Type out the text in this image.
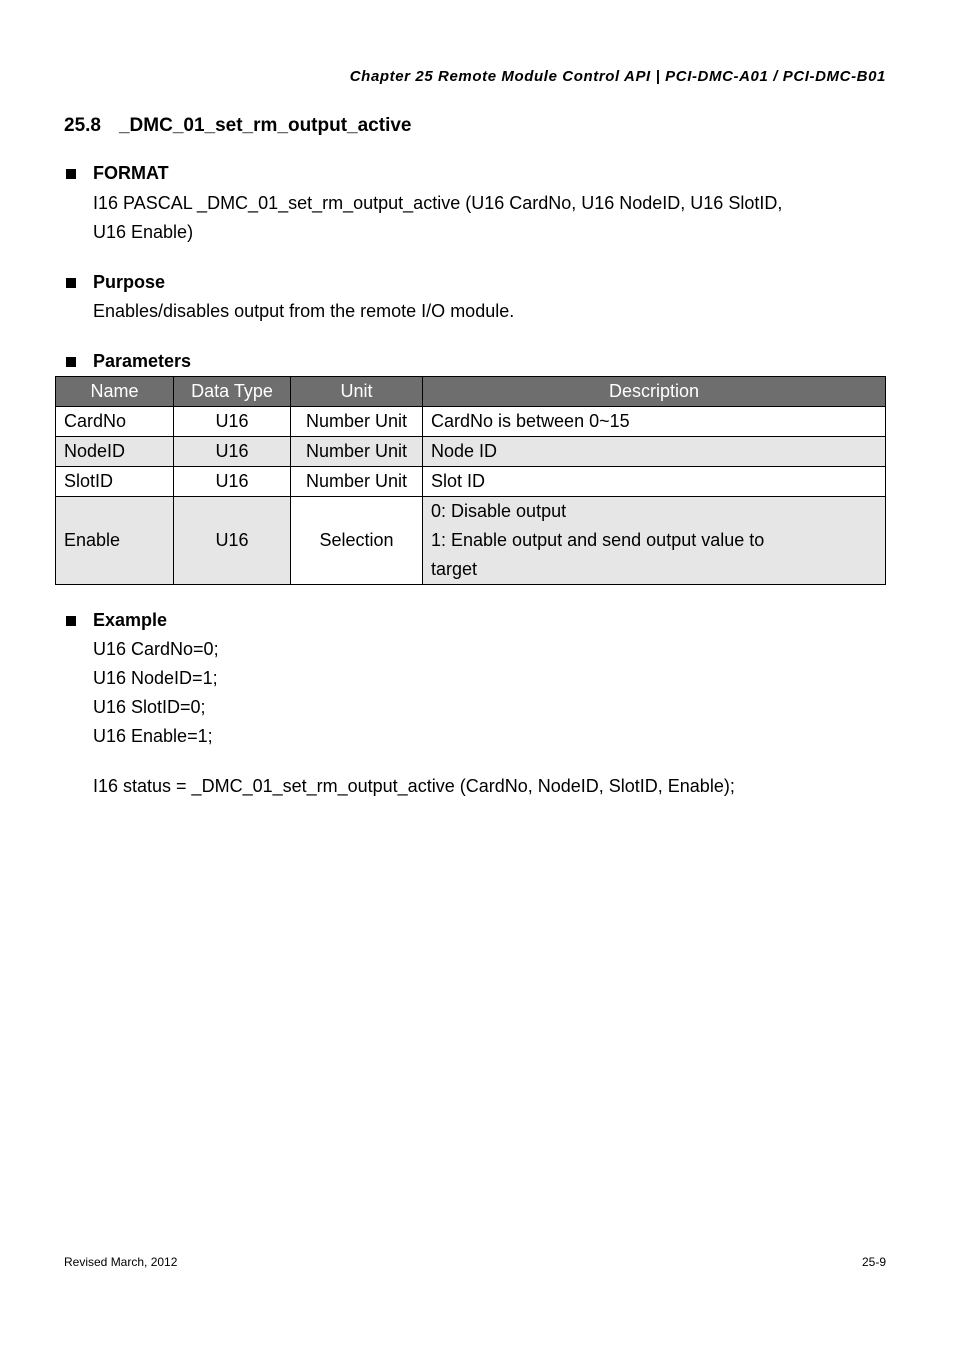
Chapter 25 Remote Module Control API | PCI-DMC-A01 / PCI-DMC-B01
25.8 _DMC_01_set_rm_output_active
FORMAT
I16 PASCAL _DMC_01_set_rm_output_active (U16 CardNo, U16 NodeID, U16 SlotID,
U16 Enable)
Purpose
Enables/disables output from the remote I/O module.
Parameters
Name	Data Type	Unit	Description
CardNo	U16	Number Unit	CardNo is between 0~15
NodeID	U16	Number Unit	Node ID
SlotID	U16	Number Unit	Slot ID
Enable	U16	Selection	0: Disable output
1: Enable output and send output value to
target
Example
U16 CardNo=0;
U16 NodeID=1;
U16 SlotID=0;
U16 Enable=1;
I16 status = _DMC_01_set_rm_output_active (CardNo, NodeID, SlotID, Enable);
Revised March, 2012	25-9
